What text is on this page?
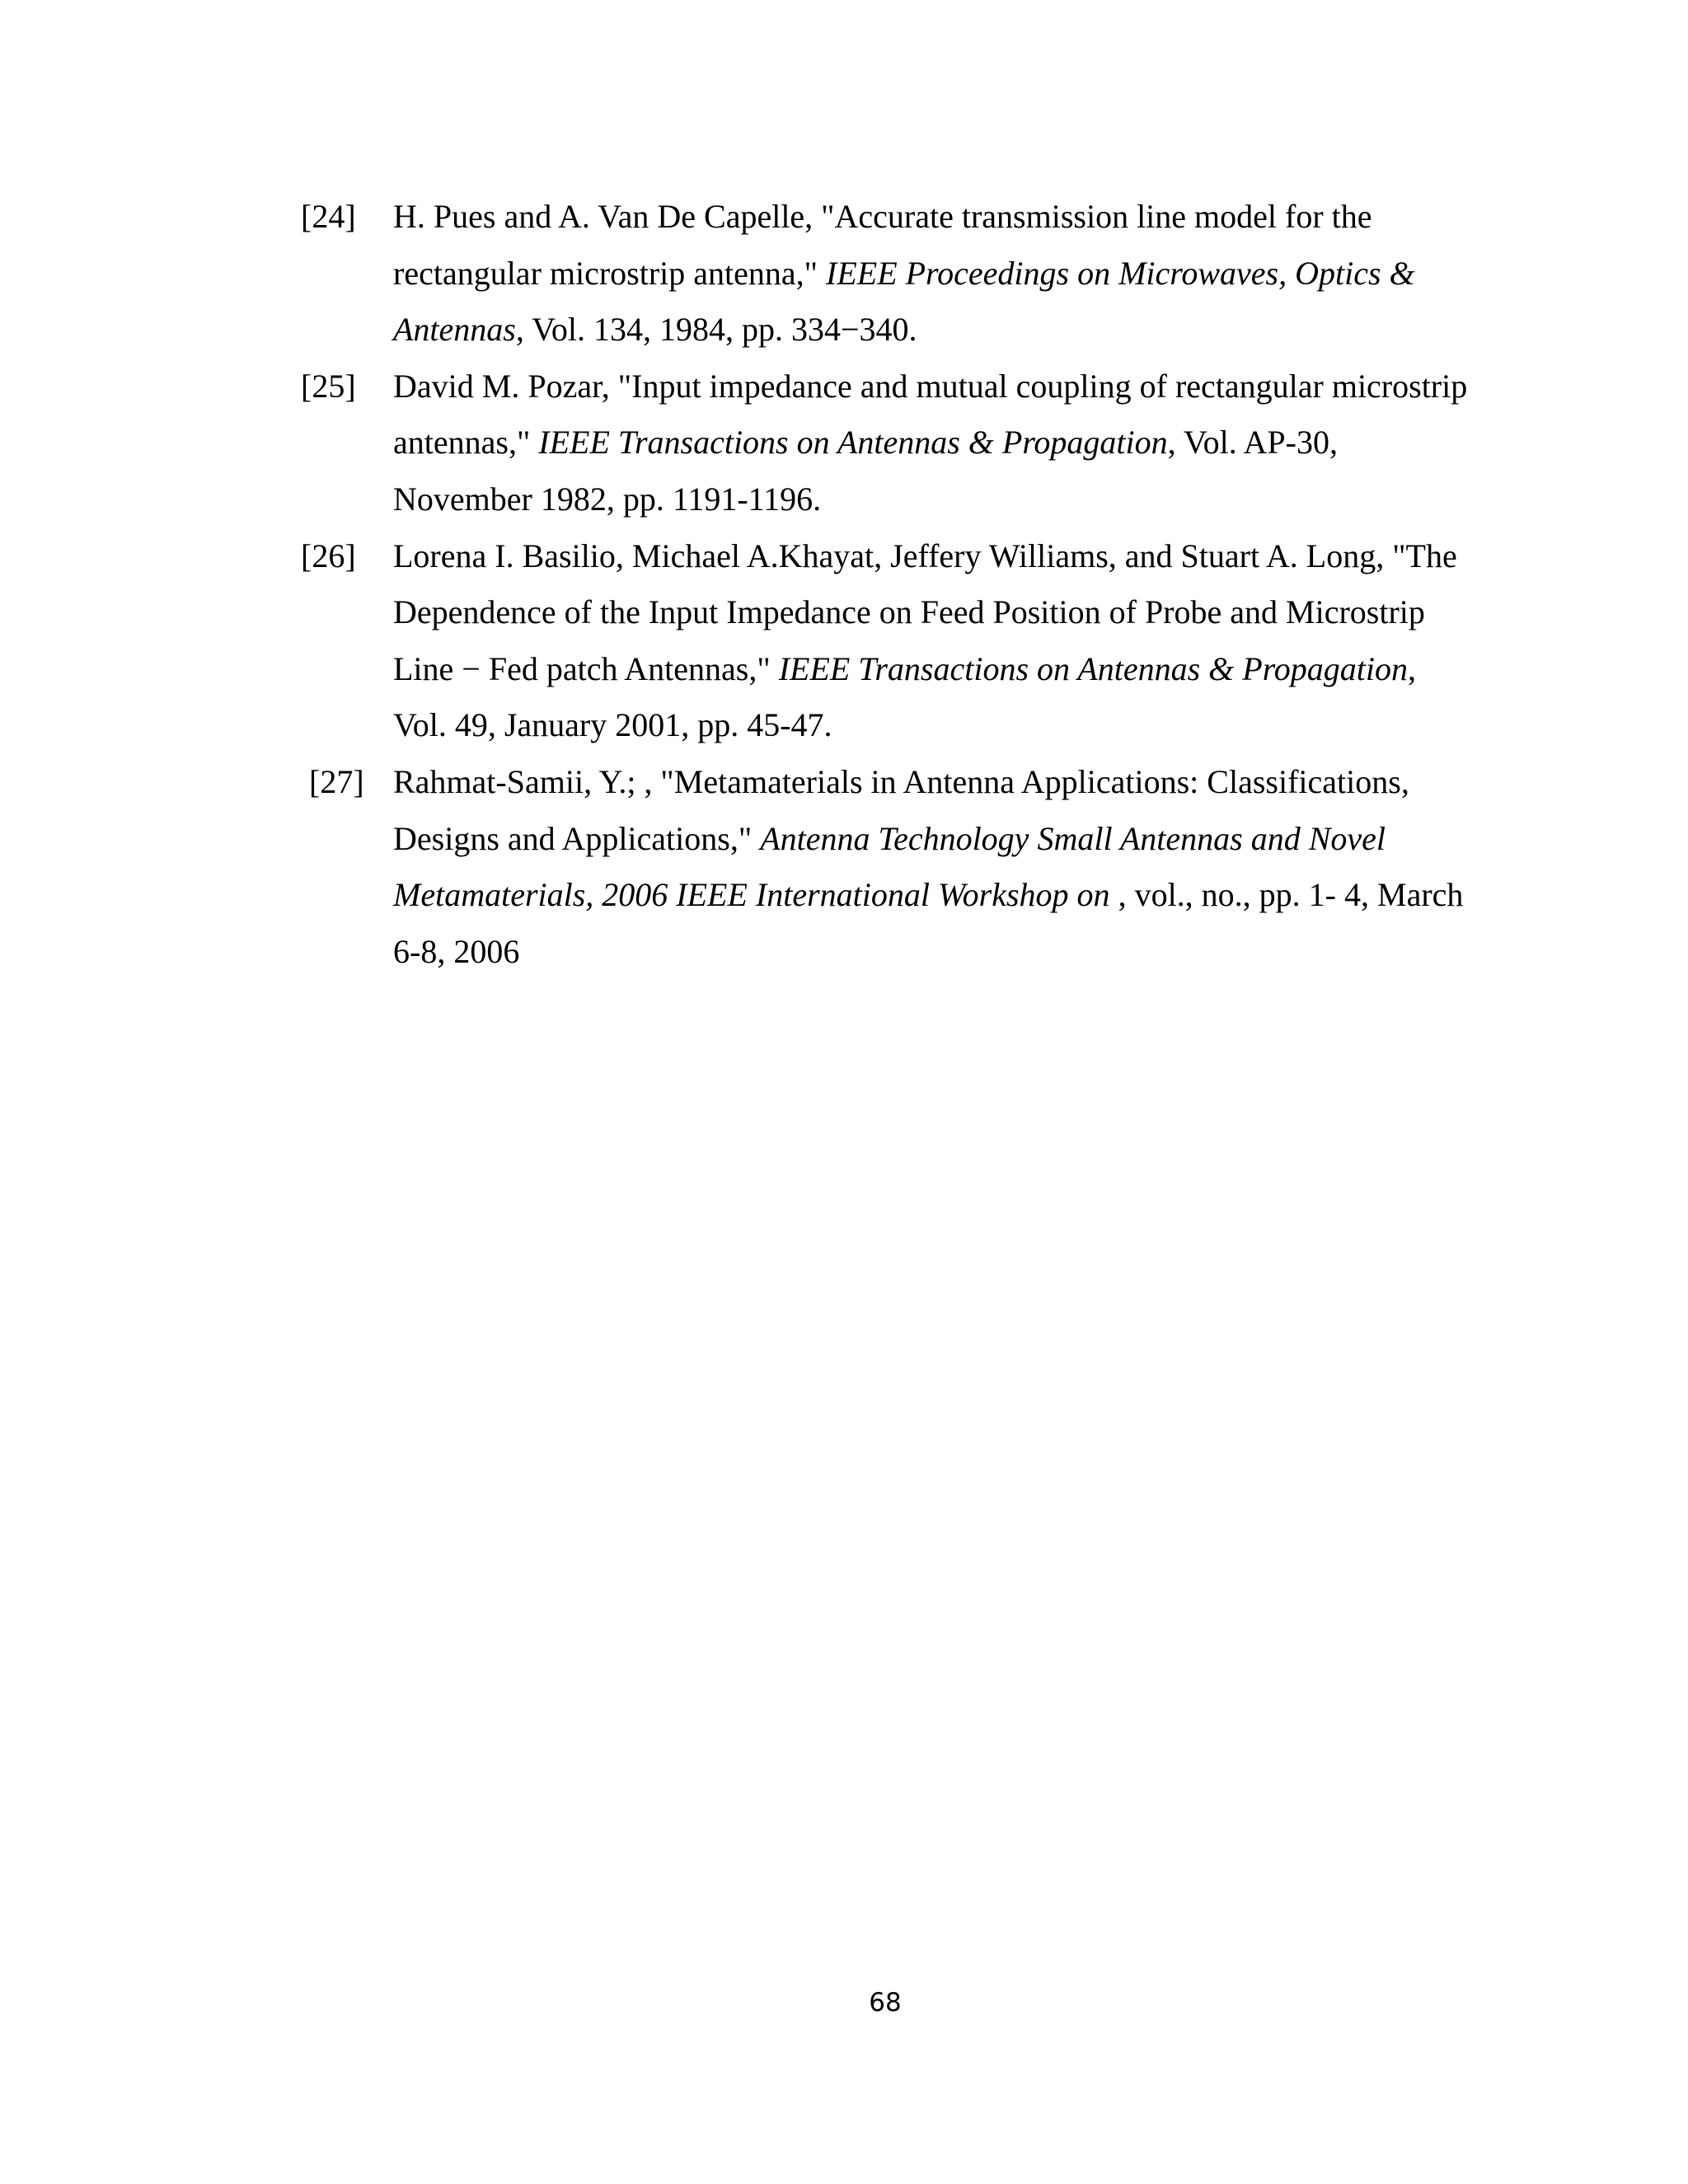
[24] H. Pues and A. Van De Capelle, "Accurate transmission line model for the
rectangular microstrip antenna," IEEE Proceedings on Microwaves, Optics &
Antennas, Vol. 134, 1984, pp. 334−340.
[25] David M. Pozar, "Input impedance and mutual coupling of rectangular microstrip
antennas," IEEE Transactions on Antennas & Propagation, Vol. AP-30,
November 1982, pp. 1191-1196.
[26] Lorena I. Basilio, Michael A.Khayat, Jeffery Williams, and Stuart A. Long, "The
Dependence of the Input Impedance on Feed Position of Probe and Microstrip
Line − Fed patch Antennas," IEEE Transactions on Antennas & Propagation,
Vol. 49, January 2001, pp. 45-47.
[27] Rahmat-Samii, Y.; , "Metamaterials in Antenna Applications: Classifications,
Designs and Applications," Antenna Technology Small Antennas and Novel
Metamaterials, 2006 IEEE International Workshop on , vol., no., pp. 1- 4, March
6-8, 2006
68
